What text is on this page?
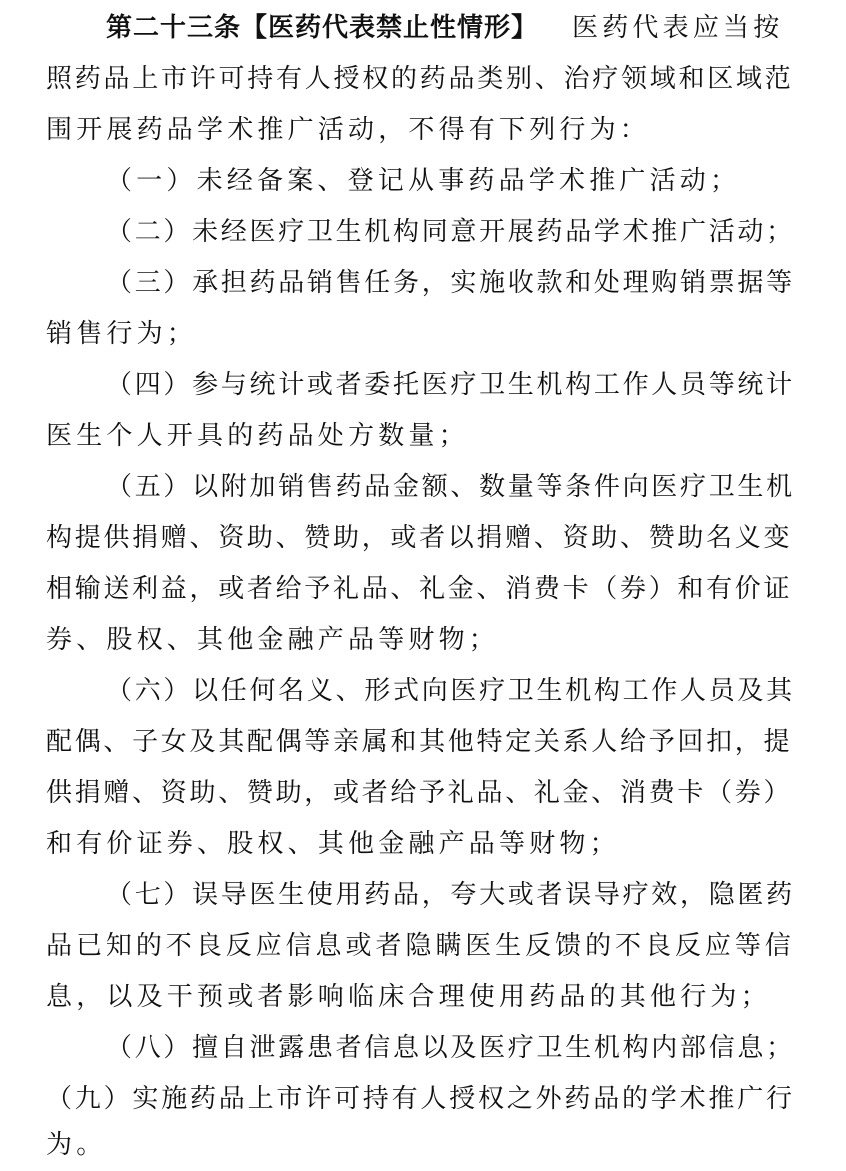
第二十三条【医药代表禁止性情形】 医药代表应当按
照药品上市许可持有人授权的药品类别、治疗领域和区域范
围开展药品学术推广活动，不得有下列行为：
（一）未经备案、登记从事药品学术推广活动；
（二）未经医疗卫生机构同意开展药品学术推广活动；
（三）承担药品销售任务，实施收款和处理购销票据等
销售行为；
（四）参与统计或者委托医疗卫生机构工作人员等统计
医生个人开具的药品处方数量；
（五）以附加销售药品金额、数量等条件向医疗卫生机
构提供捐赠、资助、赞助，或者以捐赠、资助、赞助名义变
相输送利益，或者给予礼品、礼金、消费卡（券）和有价证
券、股权、其他金融产品等财物；
（六）以任何名义、形式向医疗卫生机构工作人员及其
配偶、子女及其配偶等亲属和其他特定关系人给予回扣，提
供捐赠、资助、赞助，或者给予礼品、礼金、消费卡（券）
和有价证券、股权、其他金融产品等财物；
（七）误导医生使用药品，夸大或者误导疗效，隐匿药
品已知的不良反应信息或者隐瞒医生反馈的不良反应等信
息，以及干预或者影响临床合理使用药品的其他行为；
（八）擅自泄露患者信息以及医疗卫生机构内部信息；
（九）实施药品上市许可持有人授权之外药品的学术推广行
为。
